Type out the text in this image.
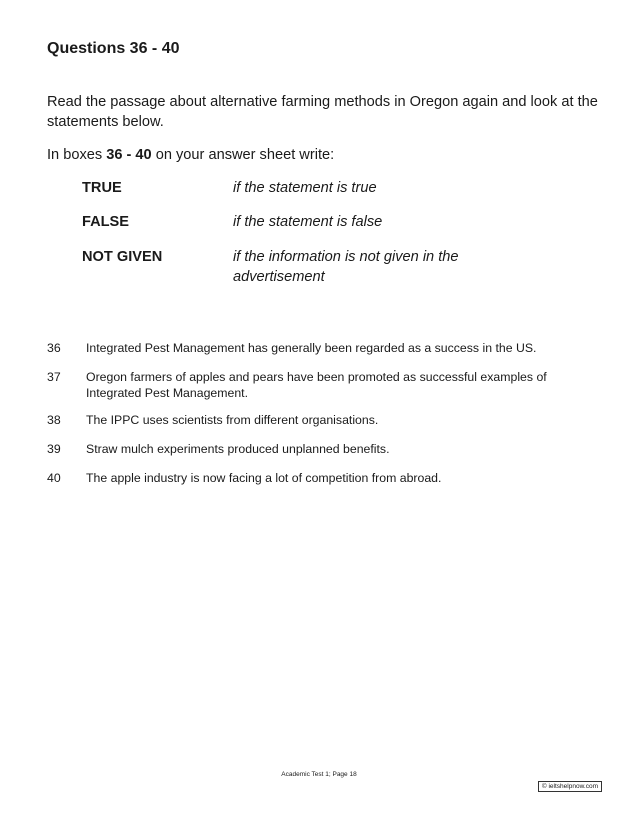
Questions 36 - 40
Read the passage about alternative farming methods in Oregon again and look at the statements below.
In boxes 36 - 40 on your answer sheet write:
TRUE	if the statement is true
FALSE	if the statement is false
NOT GIVEN	if the information is not given in the advertisement
36 Integrated Pest Management has generally been regarded as a success in the US.
37 Oregon farmers of apples and pears have been promoted as successful examples of Integrated Pest Management.
38 The IPPC uses scientists from different organisations.
39 Straw mulch experiments produced unplanned benefits.
40 The apple industry is now facing a lot of competition from abroad.
Academic Test 1; Page 18
© ieltshelpnow.com
